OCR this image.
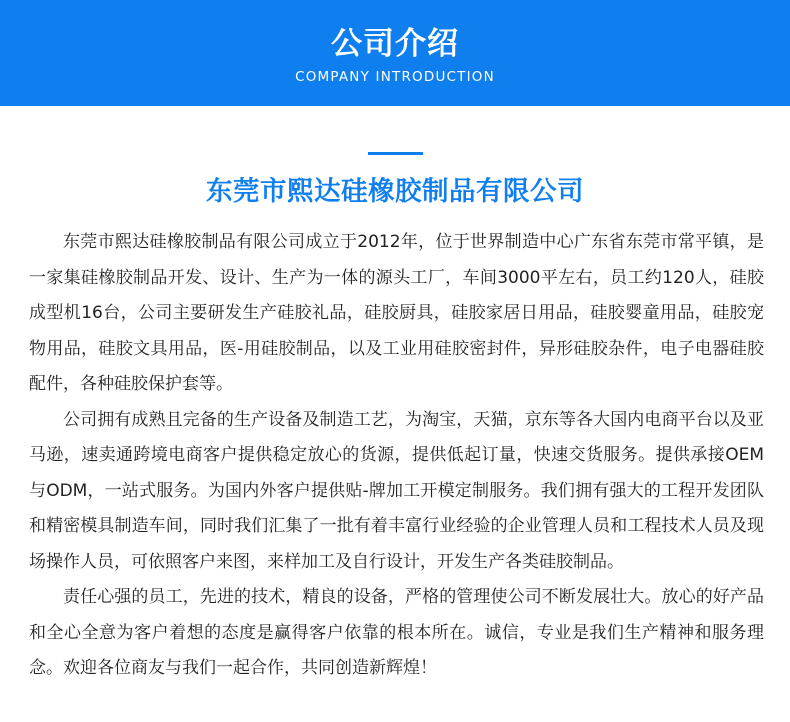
公司介绍
COMPANY INTRODUCTION
东莞市熙达硅橡胶制品有限公司

东莞市熙达硅橡胶制品有限公司成立于2012年，位于世界制造中心广东省东莞市常平镇，是一家集硅橡胶制品开发、设计、生产为一体的源头工厂，车间3000平左右，员工约120人，硅胶成型机16台，公司主要研发生产硅胶礼品，硅胶厨具，硅胶家居日用品，硅胶婴童用品，硅胶宠物用品，硅胶文具用品，医-用硅胶制品，以及工业用硅胶密封件，异形硅胶杂件，电子电器硅胶配件，各种硅胶保护套等。

公司拥有成熟且完备的生产设备及制造工艺，为淘宝，天猫，京东等各大国内电商平台以及亚马逊，速卖通跨境电商客户提供稳定放心的货源，提供低起订量，快速交货服务。提供承接OEM与ODM，一站式服务。为国内外客户提供贴-牌加工开模定制服务。我们拥有强大的工程开发团队和精密模具制造车间，同时我们汇集了一批有着丰富行业经验的企业管理人员和工程技术人员及现场操作人员，可依照客户来图，来样加工及自行设计，开发生产各类硅胶制品。

责任心强的员工，先进的技术，精良的设备，严格的管理使公司不断发展壮大。放心的好产品和全心全意为客户着想的态度是赢得客户依靠的根本所在。诚信，专业是我们生产精神和服务理念。欢迎各位商友与我们一起合作，共同创造新辉煌！
